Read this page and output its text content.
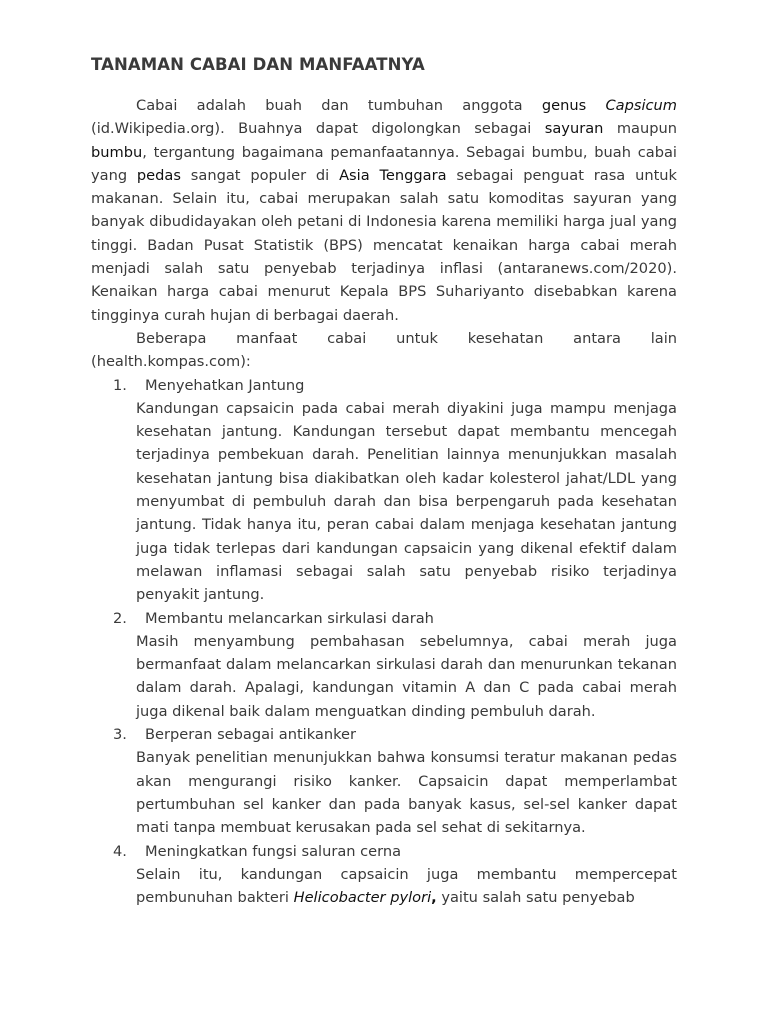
TANAMAN CABAI DAN MANFAATNYA

Cabai adalah buah dan tumbuhan anggota genus Capsicum (id.Wikipedia.org). Buahnya dapat digolongkan sebagai sayuran maupun bumbu, tergantung bagaimana pemanfaatannya. Sebagai bumbu, buah cabai yang pedas sangat populer di Asia Tenggara sebagai penguat rasa untuk makanan. Selain itu, cabai merupakan salah satu komoditas sayuran yang banyak dibudidayakan oleh petani di Indonesia karena memiliki harga jual yang tinggi. Badan Pusat Statistik (BPS) mencatat kenaikan harga cabai merah menjadi salah satu penyebab terjadinya inflasi (antaranews.com/2020). Kenaikan harga cabai menurut Kepala BPS Suhariyanto disebabkan karena tingginya curah hujan di berbagai daerah.

Beberapa manfaat cabai untuk kesehatan antara lain (health.kompas.com):

1. Menyehatkan Jantung

Kandungan capsaicin pada cabai merah diyakini juga mampu menjaga kesehatan jantung. Kandungan tersebut dapat membantu mencegah terjadinya pembekuan darah. Penelitian lainnya menunjukkan masalah kesehatan jantung bisa diakibatkan oleh kadar kolesterol jahat/LDL yang menyumbat di pembuluh darah dan bisa berpengaruh pada kesehatan jantung. Tidak hanya itu, peran cabai dalam menjaga kesehatan jantung juga tidak terlepas dari kandungan capsaicin yang dikenal efektif dalam melawan inflamasi sebagai salah satu penyebab risiko terjadinya penyakit jantung.

2. Membantu melancarkan sirkulasi darah

Masih menyambung pembahasan sebelumnya, cabai merah juga bermanfaat dalam melancarkan sirkulasi darah dan menurunkan tekanan dalam darah. Apalagi, kandungan vitamin A dan C pada cabai merah juga dikenal baik dalam menguatkan dinding pembuluh darah.

3. Berperan sebagai antikanker

Banyak penelitian menunjukkan bahwa konsumsi teratur makanan pedas akan mengurangi risiko kanker. Capsaicin dapat memperlambat pertumbuhan sel kanker dan pada banyak kasus, sel-sel kanker dapat mati tanpa membuat kerusakan pada sel sehat di sekitarnya.

4. Meningkatkan fungsi saluran cerna

Selain itu, kandungan capsaicin juga membantu mempercepat pembunuhan bakteri Helicobacter pylori, yaitu salah satu penyebab
